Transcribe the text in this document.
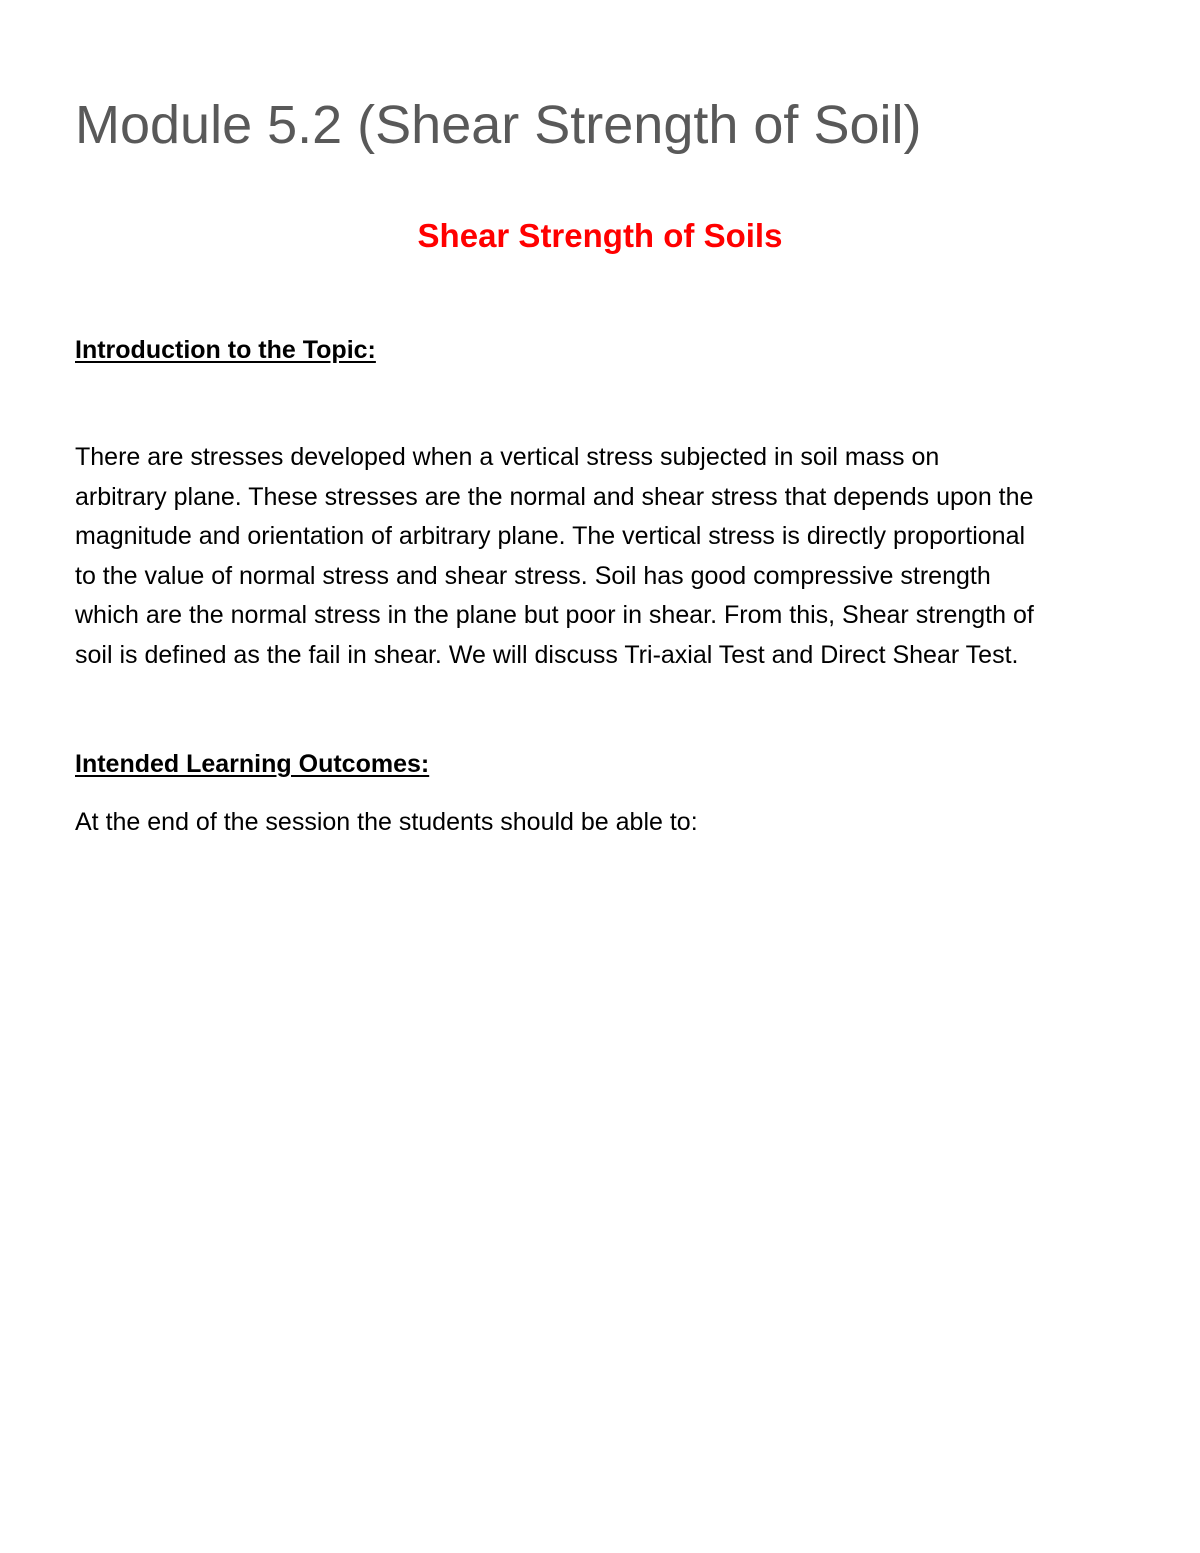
Module 5.2 (Shear Strength of Soil)
Shear Strength of Soils
Introduction to the Topic:

There are stresses developed when a vertical stress subjected in soil mass on
arbitrary plane. These stresses are the normal and shear stress that depends upon the
magnitude and orientation of arbitrary plane. The vertical stress is directly proportional
to the value of normal stress and shear stress. Soil has good compressive strength
which are the normal stress in the plane but poor in shear. From this, Shear strength of
soil is defined as the fail in shear. We will discuss Tri-axial Test and Direct Shear Test.

Intended Learning Outcomes:

At the end of the session the students should be able to:
